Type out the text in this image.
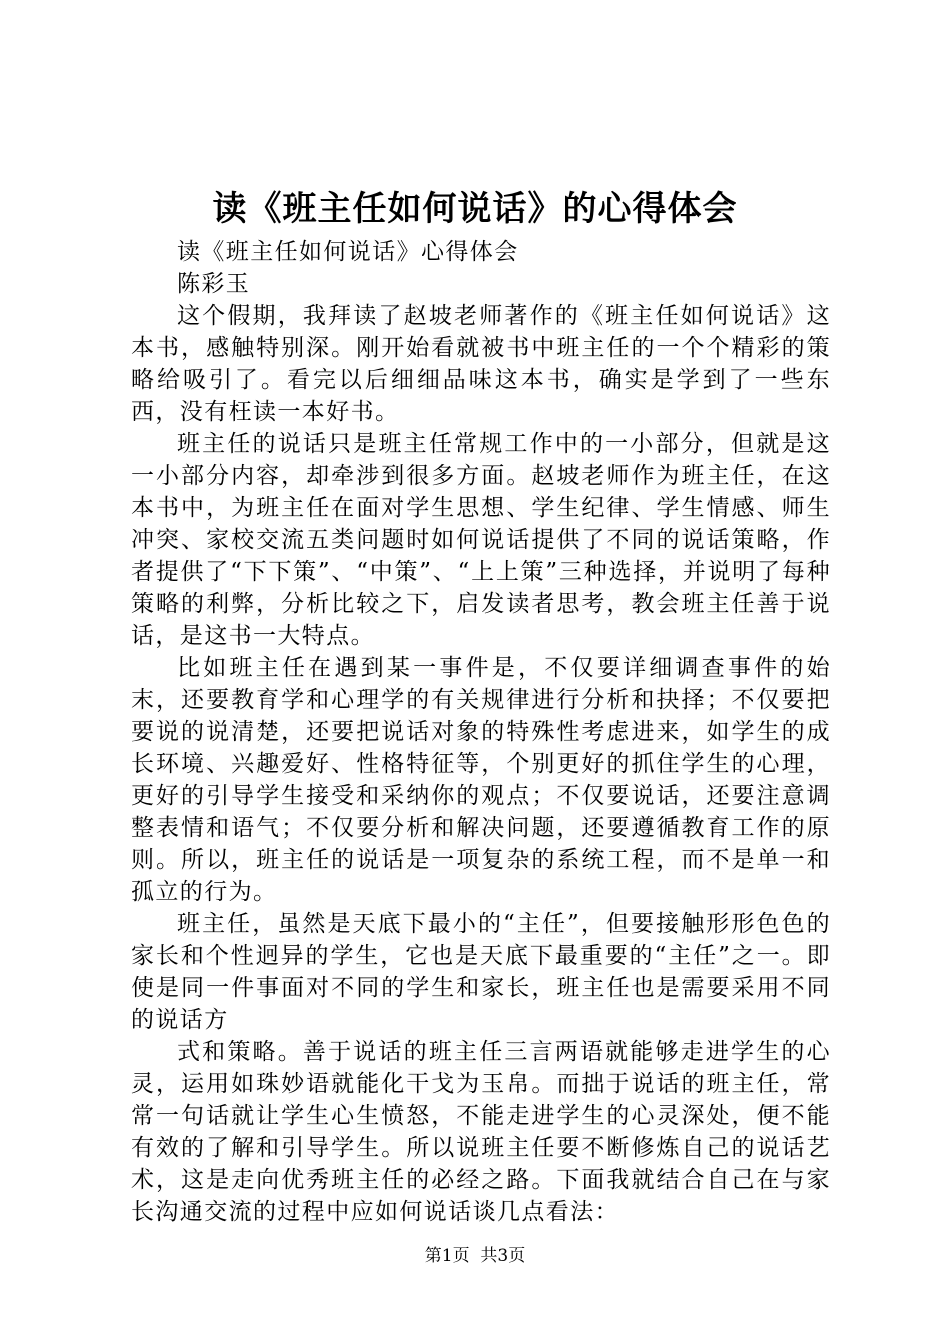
读《班主任如何说话》的心得体会

读《班主任如何说话》心得体会

陈彩玉

这个假期，我拜读了赵坡老师著作的《班主任如何说话》这本书，感触特别深。刚开始看就被书中班主任的一个个精彩的策略给吸引了。看完以后细细品味这本书，确实是学到了一些东西，没有枉读一本好书。

班主任的说话只是班主任常规工作中的一小部分，但就是这一小部分内容，却牵涉到很多方面。赵坡老师作为班主任，在这本书中，为班主任在面对学生思想、学生纪律、学生情感、师生冲突、家校交流五类问题时如何说话提供了不同的说话策略，作者提供了“下下策”、“中策”、“上上策”三种选择，并说明了每种策略的利弊，分析比较之下，启发读者思考，教会班主任善于说话，是这书一大特点。

比如班主任在遇到某一事件是，不仅要详细调查事件的始末，还要教育学和心理学的有关规律进行分析和抉择；不仅要把要说的说清楚，还要把说话对象的特殊性考虑进来，如学生的成长环境、兴趣爱好、性格特征等，个别更好的抓住学生的心理，更好的引导学生接受和采纳你的观点；不仅要说话，还要注意调整表情和语气；不仅要分析和解决问题，还要遵循教育工作的原则。所以，班主任的说话是一项复杂的系统工程，而不是单一和孤立的行为。

班主任，虽然是天底下最小的“主任”，但要接触形形色色的家长和个性迥异的学生，它也是天底下最重要的“主任”之一。即使是同一件事面对不同的学生和家长，班主任也是需要采用不同的说话方

式和策略。善于说话的班主任三言两语就能够走进学生的心灵，运用如珠妙语就能化干戈为玉帛。而拙于说话的班主任，常常一句话就让学生心生愤怒，不能走进学生的心灵深处，便不能有效的了解和引导学生。所以说班主任要不断修炼自己的说话艺术，这是走向优秀班主任的必经之路。下面我就结合自己在与家长沟通交流的过程中应如何说话谈几点看法：

第1页  共3页
